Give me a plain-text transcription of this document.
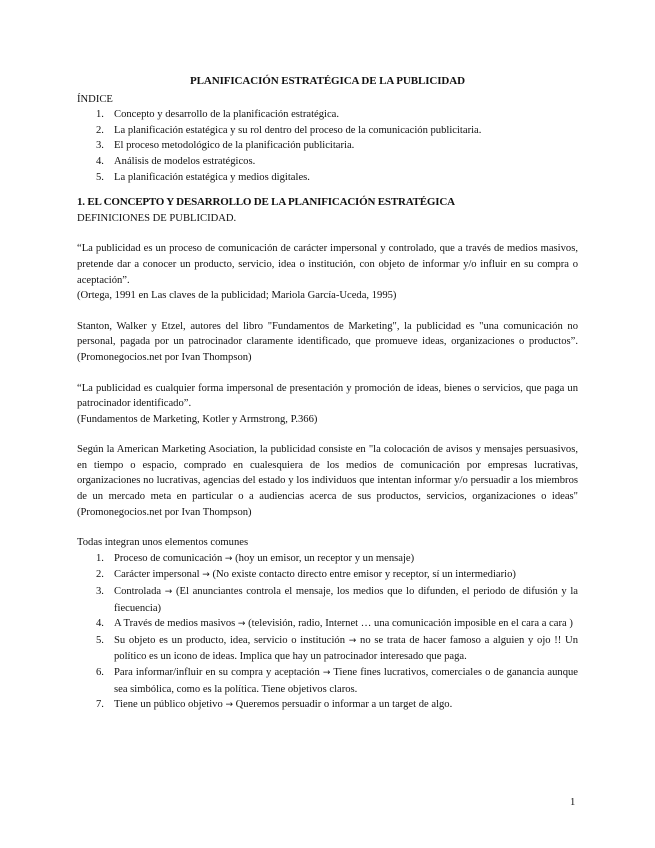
PLANIFICACIÓN ESTRATÉGICA DE LA PUBLICIDAD

ÍNDICE

1. Concepto y desarrollo de la planificación estratégica.
2. La planificación estatégica y su rol dentro del proceso de la comunicación publicitaria.
3. El proceso metodológico de la planificación publicitaria.
4. Análisis de modelos estratégicos.
5. La planificación estatégica y medios digitales.

1. EL CONCEPTO Y DESARROLLO DE LA PLANIFICACIÓN ESTRATÉGICA

DEFINICIONES DE PUBLICIDAD.

“La publicidad es un proceso de comunicación de carácter impersonal y controlado, que a través de medios masivos, pretende dar a conocer un producto, servicio, idea o institución, con objeto de informar y/o influir en su compra o aceptación”.
(Ortega, 1991 en Las claves de la publicidad; Mariola García-Uceda, 1995)
Stanton, Walker y Etzel, autores del libro "Fundamentos de Marketing", la publicidad es "una comunicación no personal, pagada por un patrocinador claramente identificado, que promueve ideas, organizaciones o productos”. (Promonegocios.net por Ivan Thompson)
“La publicidad es cualquier forma impersonal de presentación y promoción de ideas, bienes o servicios, que paga un patrocinador identificado”.
(Fundamentos de Marketing, Kotler y Armstrong, P.366)
Según la American Marketing Asociation, la publicidad consiste en "la colocación de avisos y mensajes persuasivos, en tiempo o espacio, comprado en cualesquiera de los medios de comunicación por empresas lucrativas, organizaciones no lucrativas, agencias del estado y los individuos que intentan informar y/o persuadir a los miembros de un mercado meta en particular o a audiencias acerca de sus productos, servicios, organizaciones o ideas"(Promonegocios.net por Ivan Thompson)

Todas integran unos elementos comunes

1. Proceso de comunicación → (hoy un emisor, un receptor y un mensaje)
2. Carácter impersonal → (No existe contacto directo entre emisor y receptor, sí un intermediario)
3. Controlada → (El anunciantes controla el mensaje, los medios que lo difunden, el periodo de difusión y la fiecuencia)
4. A Través de medios masivos → (televisión, radio, Internet … una comunicación imposible en el cara a cara )
5. Su objeto es un producto, idea, servicio o institución → no se trata de hacer famoso a alguien y ojo !! Un político es un icono de ideas. Implica que hay un patrocinador interesado que paga.
6. Para informar/influir en su compra y aceptación → Tiene fines lucrativos, comerciales o de ganancia aunque sea simbólica, como es la política. Tiene objetivos claros.
7. Tiene un público objetivo → Queremos persuadir o informar a un target de algo.
1
